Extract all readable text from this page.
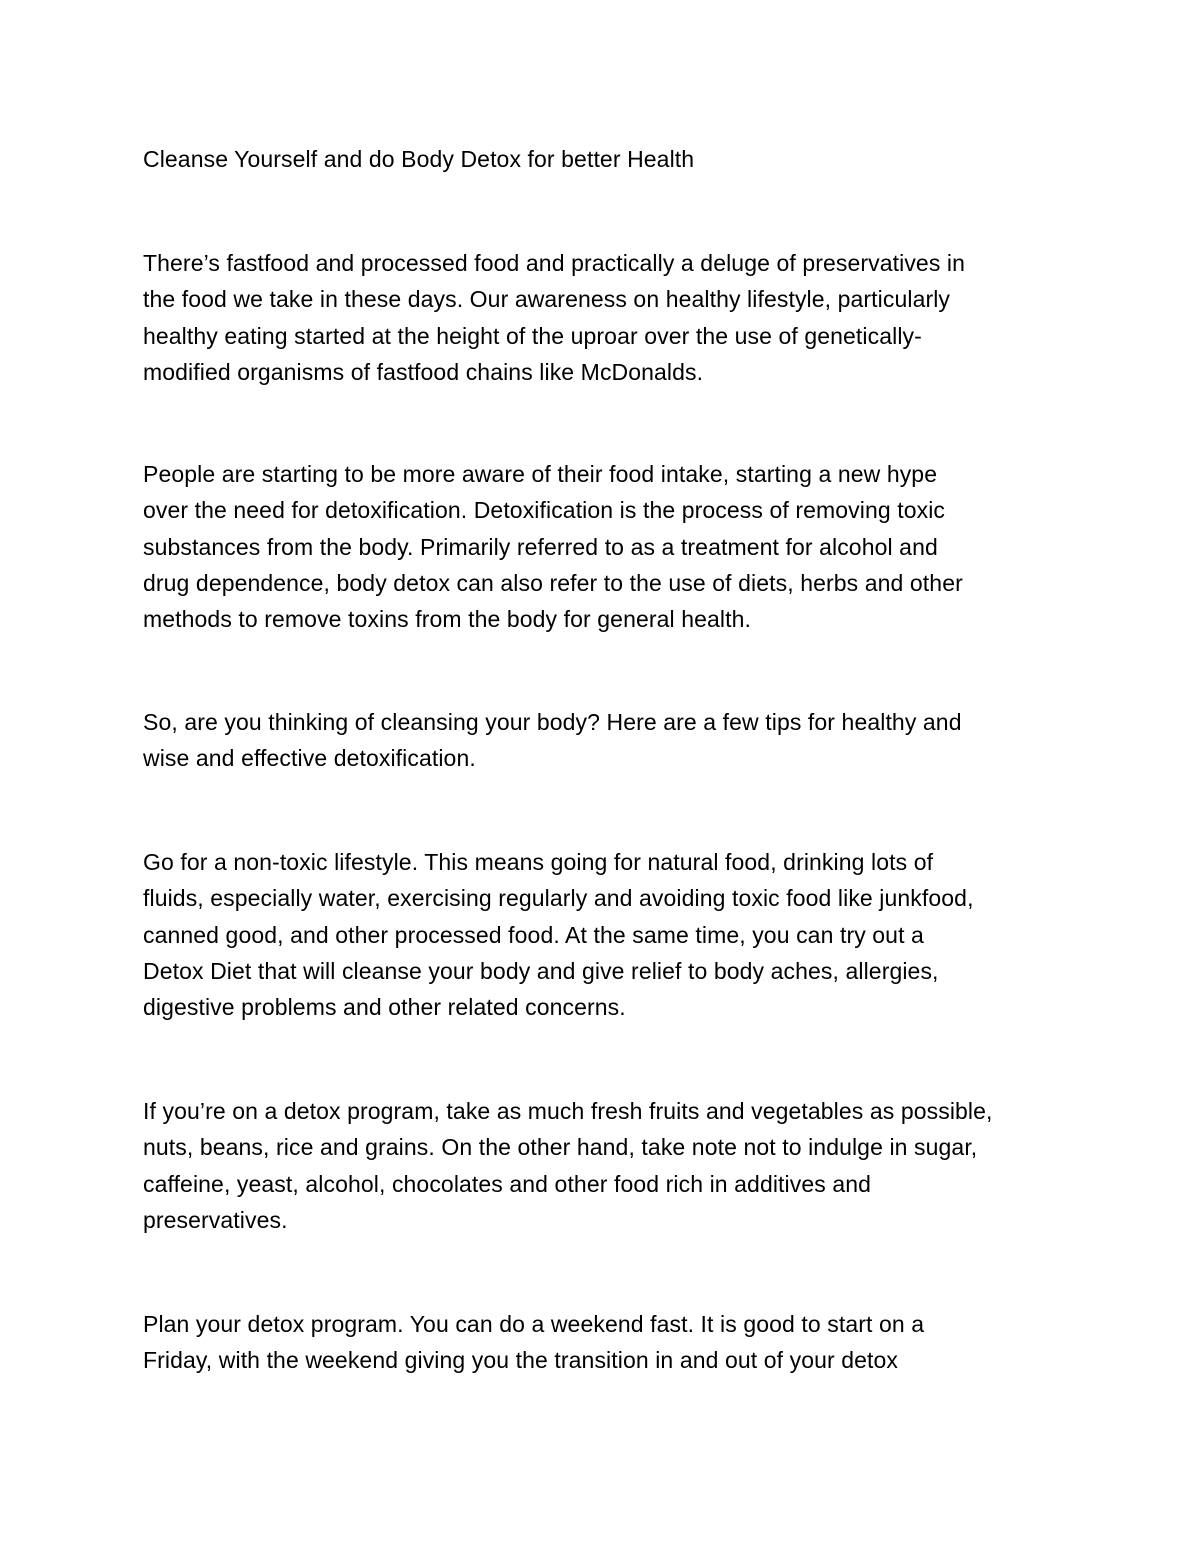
Cleanse Yourself and do Body Detox for better Health
There’s fastfood and processed food and practically a deluge of preservatives in
the food we take in these days. Our awareness on healthy lifestyle, particularly
healthy eating started at the height of the uproar over the use of genetically-
modified organisms of fastfood chains like McDonalds.
People are starting to be more aware of their food intake, starting a new hype
over the need for detoxification. Detoxification is the process of removing toxic
substances from the body. Primarily referred to as a treatment for alcohol and
drug dependence, body detox can also refer to the use of diets, herbs and other
methods to remove toxins from the body for general health.
So, are you thinking of cleansing your body? Here are a few tips for healthy and
wise and effective detoxification.
Go for a non-toxic lifestyle. This means going for natural food, drinking lots of
fluids, especially water, exercising regularly and avoiding toxic food like junkfood,
canned good, and other processed food. At the same time, you can try out a
Detox Diet that will cleanse your body and give relief to body aches, allergies,
digestive problems and other related concerns.
If you’re on a detox program, take as much fresh fruits and vegetables as possible,
nuts, beans, rice and grains. On the other hand, take note not to indulge in sugar,
caffeine, yeast, alcohol, chocolates and other food rich in additives and
preservatives.
Plan your detox program. You can do a weekend fast. It is good to start on a
Friday, with the weekend giving you the transition in and out of your detox
